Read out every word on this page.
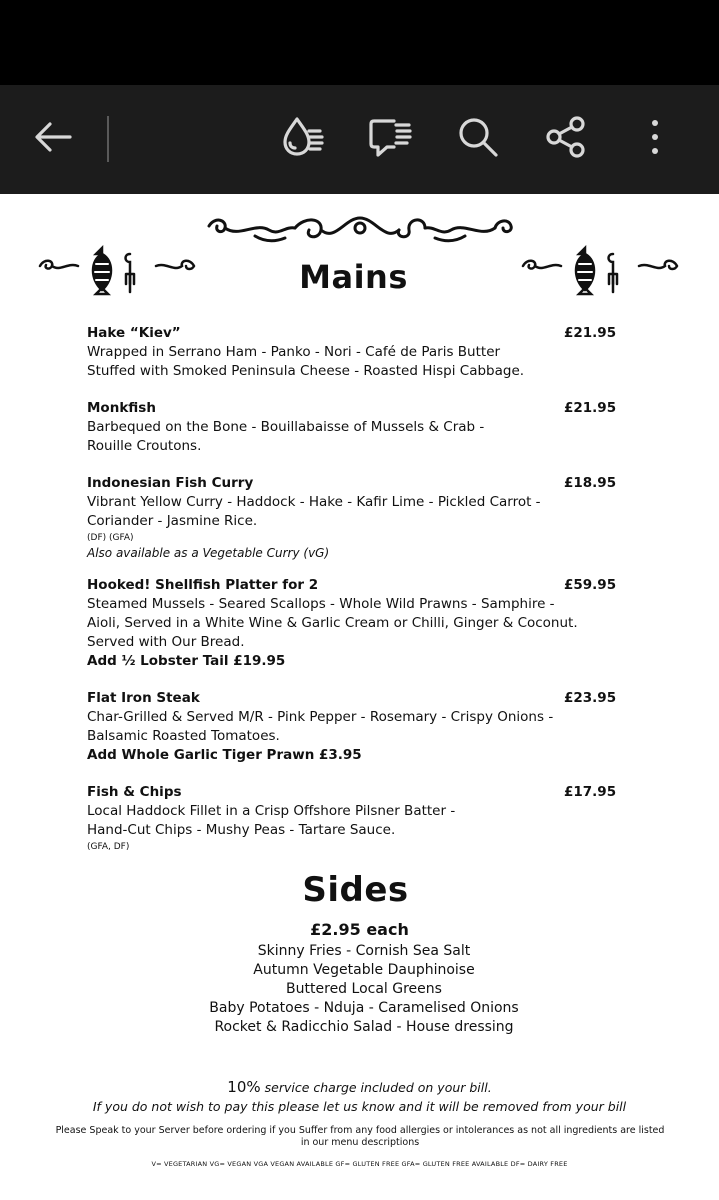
Mains
Hake “Kiev”	£21.95
Wrapped in Serrano Ham - Panko - Nori - Café de Paris Butter
Stuffed with Smoked Peninsula Cheese - Roasted Hispi Cabbage.
Monkfish	£21.95
Barbequed on the Bone - Bouillabaisse of Mussels & Crab -
Rouille Croutons.
Indonesian Fish Curry	£18.95
Vibrant Yellow Curry - Haddock - Hake - Kafir Lime - Pickled Carrot -
Coriander - Jasmine Rice.
(DF) (GFA)
Also available as a Vegetable Curry (vG)
Hooked! Shellfish Platter for 2	£59.95
Steamed Mussels - Seared Scallops - Whole Wild Prawns - Samphire -
Aioli, Served in a White Wine & Garlic Cream or Chilli, Ginger & Coconut.
Served with Our Bread.
Add ½ Lobster Tail £19.95
Flat Iron Steak	£23.95
Char-Grilled & Served M/R - Pink Pepper - Rosemary - Crispy Onions -
Balsamic Roasted Tomatoes.
Add Whole Garlic Tiger Prawn £3.95
Fish & Chips	£17.95
Local Haddock Fillet in a Crisp Offshore Pilsner Batter -
Hand-Cut Chips - Mushy Peas - Tartare Sauce.
(GFA, DF)
Sides
£2.95 each
Skinny Fries - Cornish Sea Salt
Autumn Vegetable Dauphinoise
Buttered Local Greens
Baby Potatoes - Nduja - Caramelised Onions
Rocket & Radicchio Salad - House dressing
10% service charge included on your bill.
If you do not wish to pay this please let us know and it will be removed from your bill
Please Speak to your Server before ordering if you Suffer from any food allergies or intolerances as not all ingredients are listed in our menu descriptions
V= VEGETARIAN VG= VEGAN VGA VEGAN AVAILABLE GF= GLUTEN FREE GFA= GLUTEN FREE AVAILABLE DF= DAIRY FREE
